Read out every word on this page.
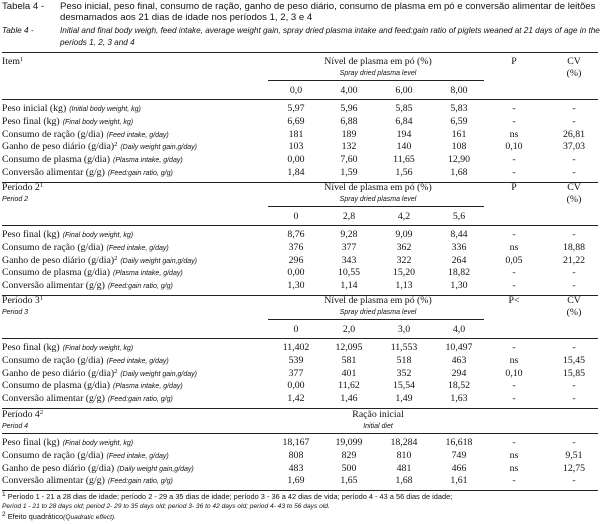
Tabela 4 - Peso inicial, peso final, consumo de ração, ganho de peso diário, consumo de plasma em pó e conversão alimentar de leitões desmamados aos 21 dias de idade nos períodos 1, 2, 3 e 4
Table 4 -	Initial and final body weigh, feed intake, average weight gain, spray dried plasma intake and feed:gain ratio of piglets weaned at 21 days of age in the periods 1, 2, 3 and 4
Item$^1$	Nível de plasma em pó (%)
Spray dried plasma level
P	CV
(%)
0,0	4,00	6,00	8,00
Peso inicial (kg) (Initial body weight, kg)	5,97	5,96	5,85	5,83	-	-
Peso final (kg) (Final body weight, kg)	6,69	6,88	6,84	6,59	-	-
Consumo de ração (g/dia) (Feed intake, g/day)	181	189	194	161	ns	26,81
Ganho de peso diário $(g/dia)^2$ (Daily weight gain,g/day)	103	132	140	108	0,10	37,03
Consumo de plasma (g/dia) (Plasma intake, g/day)	0,00	7,60	11,65	12,90	-	-
Conversão alimentar (g/g) (Feed:gain ratio, g/g)	1,84	1,59	1,56	1,68	-	-
Período $2^1$
Period 2
Nível de plasma em pó (%)
Spray dried plasma level
P	CV
(%)
0	2,8	4,2	5,6
Peso final (kg) (Final body weight, kg)	8,76	9,28	9,09	8,44	-	-
Consumo de ração (g/dia) (Feed intake, g/day)	376	377	362	336	ns	18,88
Ganho de peso diário $(g/dia)^2$ (Daily weight gain,g/day)	296	343	322	264	0,05	21,22
Consumo de plasma (g/dia) (Plasma intake, g/day)	0,00	10,55	15,20	18,82	-	-
Conversão alimentar (g/g) (Feed:gain ratio, g/g)	1,30	1,14	1,13	1,30	-	-
Período $3^1$
Period 3
Nível de plasma em pó (%)
Spray dried plasma level
P<	CV
(%)
0	2,0	3,0	4,0
Peso final (kg) (Final body weight, kg)	11,402	12,095	11,553	10,497	-	-
Consumo de ração (g/dia) (Feed intake, g/day)	539	581	518	463	ns	15,45
Ganho de peso diário $(g/dia)^2$ (Daily weight gain,g/day)	377	401	352	294	0,10	15,85
Consumo de plasma (g/dia) (Plasma intake, g/day)	0,00	11,62	15,54	18,52	-	-
Conversão alimentar (g/g) (Feed:gain ratio, g/g)	1,42	1,46	1,49	1,63	-	-
Período $4^2$
Period 4
Ração inicial
Initial diet
Peso final (kg) (Final body weight, kg)	18,167	19,099	18,284	16,618	-	-
Consumo de ração (g/dia) (Feed intake, g/day)	808	829	810	749	ns	9,51
Ganho de peso diário (g/dia) (Daily weight gain,g/day)	483	500	481	466	ns	12,75
Conversão alimentar (g/g) (Feed:gain ratio, g/g)	1,69	1,65	1,68	1,61	-	-
1 Período 1 - 21 a 28 dias de idade; período 2 - 29 a 35 dias de idade; período 3 - 36 a 42 dias de vida; período 4 - 43 a 56 dias de idade;
Period 1 - 21 to 28 days old; period 2- 29 to 35 days old; period 3- 36 to 42 days old; period 4- 43 to 56 days old.
2 Efeito quadrático(Quadratic effect).
